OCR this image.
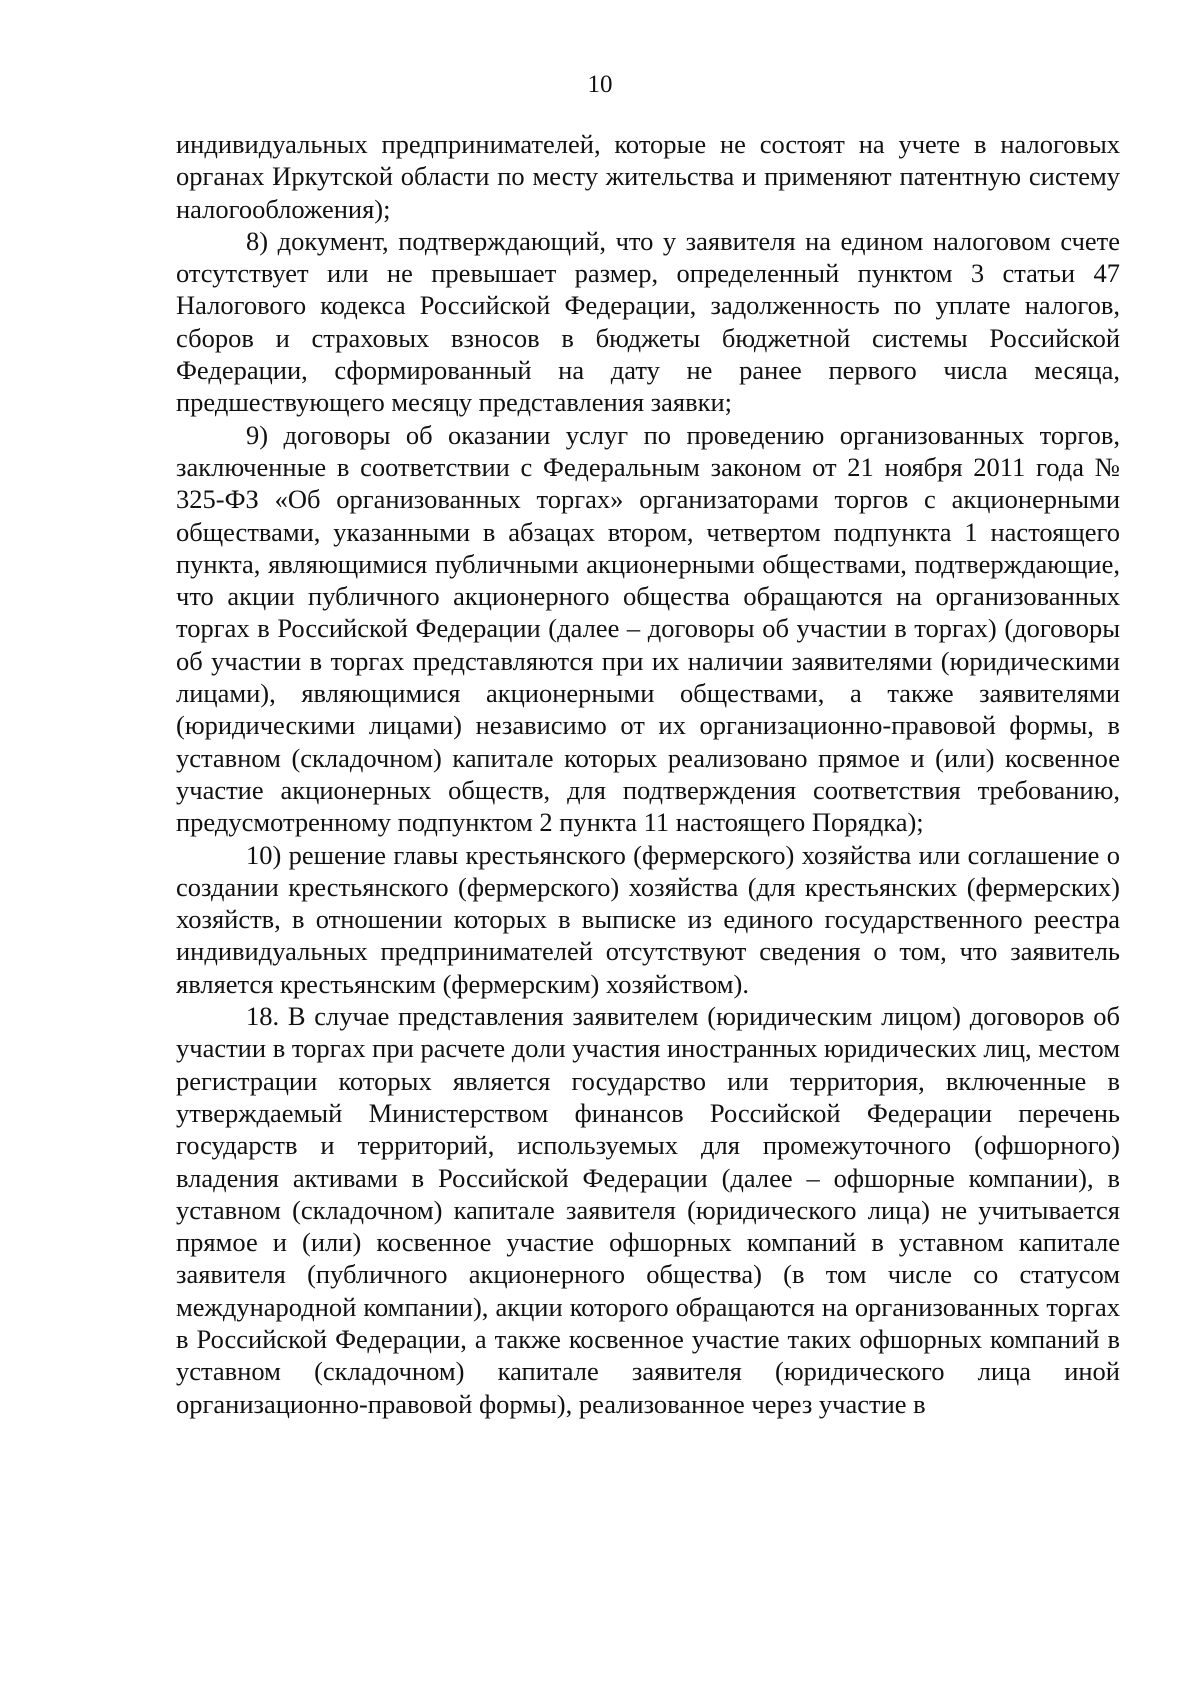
10

индивидуальных предпринимателей, которые не состоят на учете в налоговых органах Иркутской области по месту жительства и применяют патентную систему налогообложения);

8) документ, подтверждающий, что у заявителя на едином налоговом счете отсутствует или не превышает размер, определенный пунктом 3 статьи 47 Налогового кодекса Российской Федерации, задолженность по уплате налогов, сборов и страховых взносов в бюджеты бюджетной системы Российской Федерации, сформированный на дату не ранее первого числа месяца, предшествующего месяцу представления заявки;

9) договоры об оказании услуг по проведению организованных торгов, заключенные в соответствии с Федеральным законом от 21 ноября 2011 года № 325-ФЗ «Об организованных торгах» организаторами торгов с акционерными обществами, указанными в абзацах втором, четвертом подпункта 1 настоящего пункта, являющимися публичными акционерными обществами, подтверждающие, что акции публичного акционерного общества обращаются на организованных торгах в Российской Федерации (далее – договоры об участии в торгах) (договоры об участии в торгах представляются при их наличии заявителями (юридическими лицами), являющимися акционерными обществами, а также заявителями (юридическими лицами) независимо от их организационно-правовой формы, в уставном (складочном) капитале которых реализовано прямое и (или) косвенное участие акционерных обществ, для подтверждения соответствия требованию, предусмотренному подпунктом 2 пункта 11 настоящего Порядка);

10) решение главы крестьянского (фермерского) хозяйства или соглашение о создании крестьянского (фермерского) хозяйства (для крестьянских (фермерских) хозяйств, в отношении которых в выписке из единого государственного реестра индивидуальных предпринимателей отсутствуют сведения о том, что заявитель является крестьянским (фермерским) хозяйством).

18. В случае представления заявителем (юридическим лицом) договоров об участии в торгах при расчете доли участия иностранных юридических лиц, местом регистрации которых является государство или территория, включенные в утверждаемый Министерством финансов Российской Федерации перечень государств и территорий, используемых для промежуточного (офшорного) владения активами в Российской Федерации (далее – офшорные компании), в уставном (складочном) капитале заявителя (юридического лица) не учитывается прямое и (или) косвенное участие офшорных компаний в уставном капитале заявителя (публичного акционерного общества) (в том числе со статусом международной компании), акции которого обращаются на организованных торгах в Российской Федерации, а также косвенное участие таких офшорных компаний в уставном (складочном) капитале заявителя (юридического лица иной организационно-правовой формы), реализованное через участие в
